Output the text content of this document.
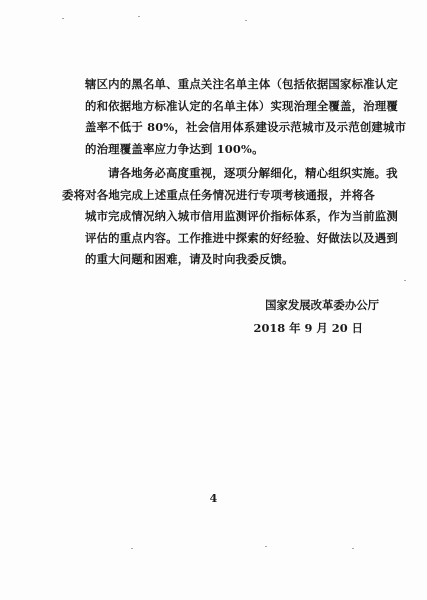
辖区内的黑名单、重点关注名单主体（包括依据国家标准认定
的和依据地方标准认定的名单主体）实现治理全覆盖，治理覆
盖率不低于 80%，社会信用体系建设示范城市及示范创建城市
的治理覆盖率应力争达到 100%。

请各地务必高度重视，逐项分解细化，精心组织实施。我
委将对各地完成上述重点任务情况进行专项考核通报，并将各
城市完成情况纳入城市信用监测评价指标体系，作为当前监测
评估的重点内容。工作推进中探索的好经验、好做法以及遇到
的重大问题和困难，请及时向我委反馈。

国家发展改革委办公厅

2018 年 9 月 20 日

4
